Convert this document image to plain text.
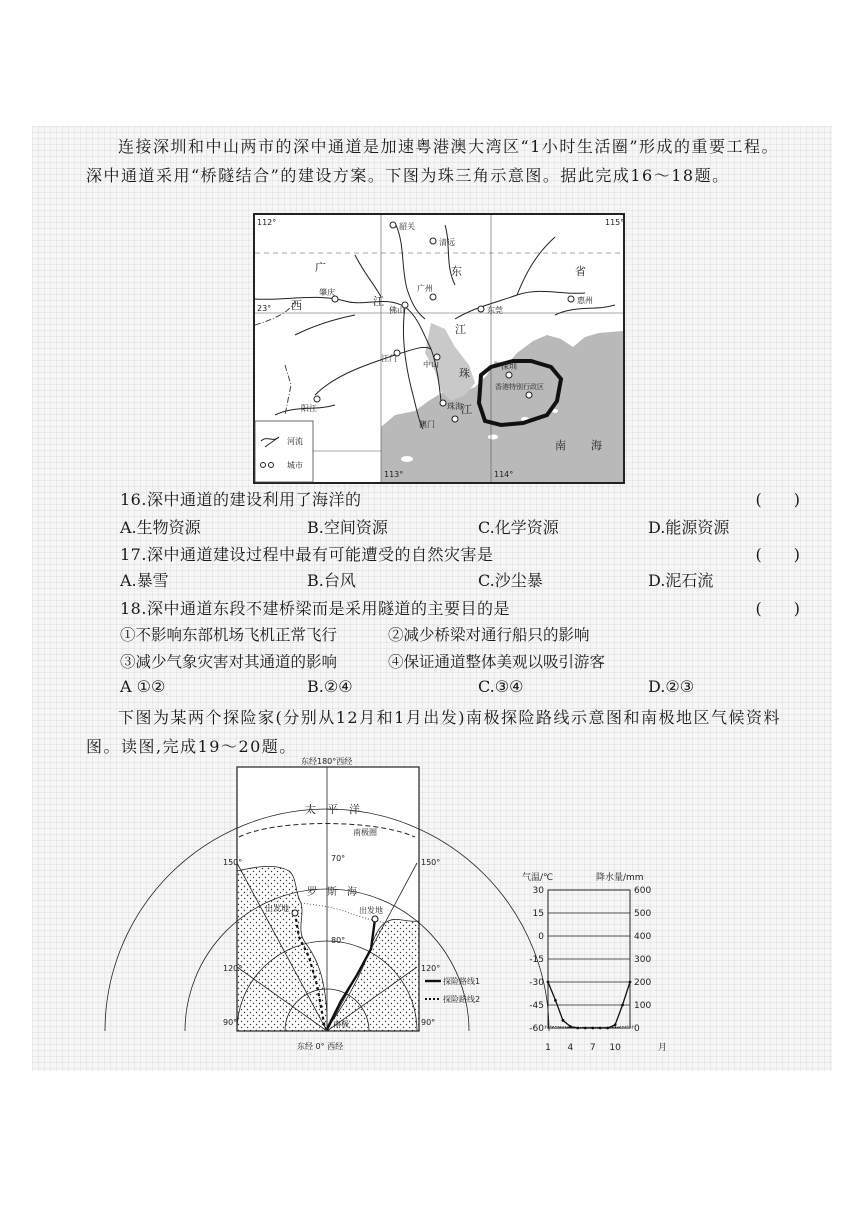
连接深圳和中山两市的深中通道是加速粤港澳大湾区“1小时生活圈”形成的重要工程。深中通道采用“桥隧结合”的建设方案。下图为珠三角示意图。据此完成16～18题。
113°	114°
115°
112°
23°
韶关
清远
广州
佛山
江门
中山
珠海
澳门
深圳
香港特别行政区
肇庆
惠州
东莞
阳江
广	东	省
西	江
江
珠
江
南 海
河流
城市
16.深中通道的建设利用了海洋的	(　　)
A.生物资源	B.空间资源	C.化学资源	D.能源资源
17.深中通道建设过程中最有可能遭受的自然灾害是	(　　)
A.暴雪	B.台风	C.沙尘暴	D.泥石流
18.深中通道东段不建桥梁而是采用隧道的主要目的是	(　　)
①不影响东部机场飞机正常飞行	②减少桥梁对通行船只的影响
③减少气象灾害对其通道的影响	④保证通道整体美观以吸引游客
A ①②	B.②④	C.③④	D.②③
下图为某两个探险家(分别从12月和1月出发)南极探险路线示意图和南极地区气候资料图。读图,完成19～20题。
东经180°西经
太　平　洋
南极圈
罗　斯　海
70°
80°
150°	150°
120°	120°
90°	90°
出发地	出发地
南极
东经 0° 西经
探险路线1
探险路线2
气温/℃	降水量/mm
30
15
0
-15
-30
-45
-60
600
500
400
300
200
100
0
1 4 7 10	月
